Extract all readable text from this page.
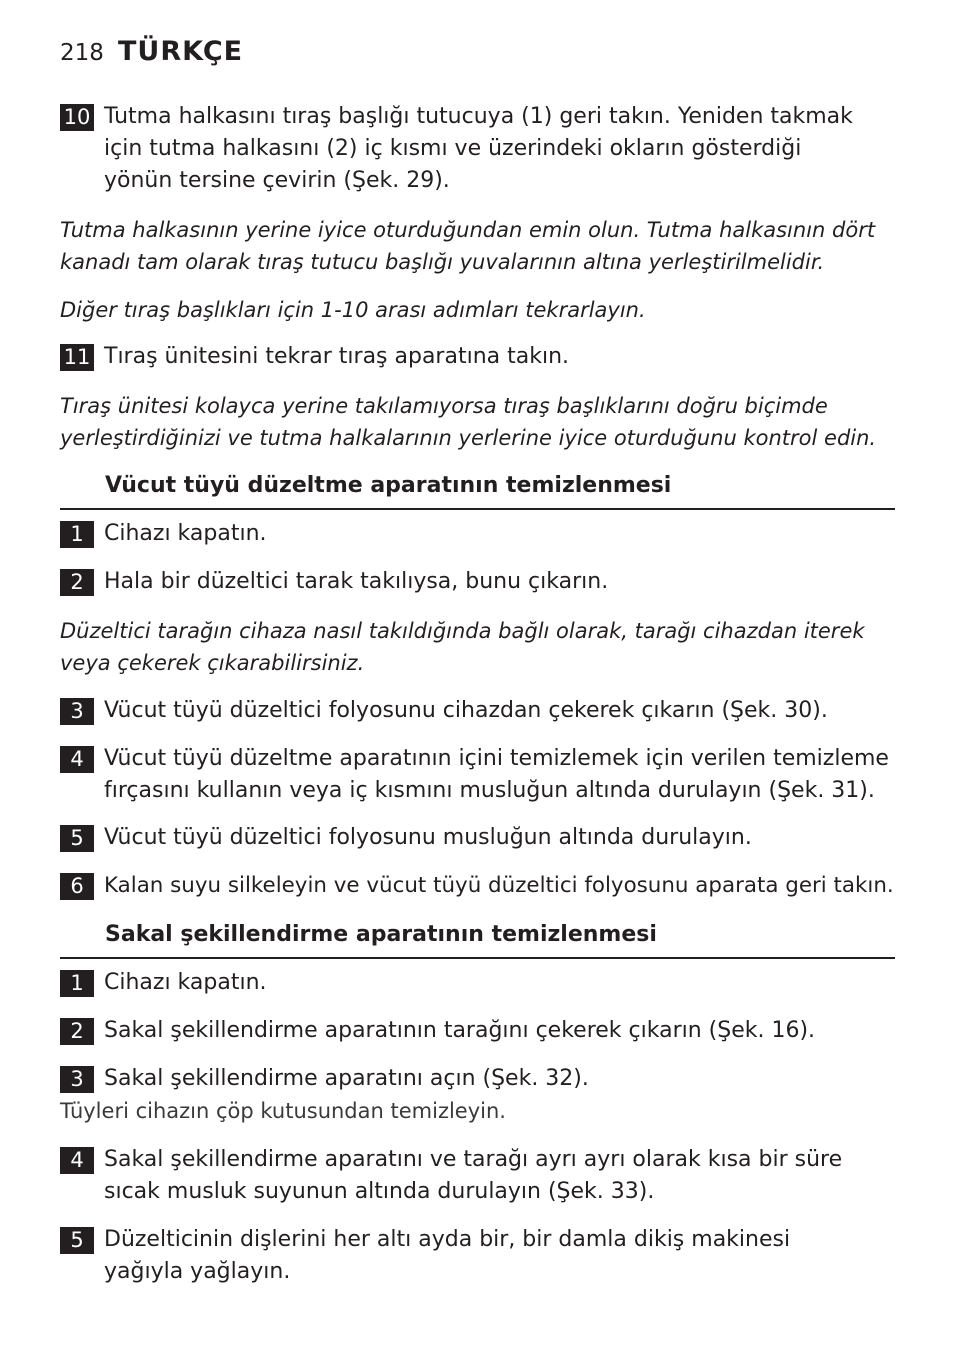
218 TÜRKÇE
10 Tutma halkasını tıraş başlığı tutucuya (1) geri takın. Yeniden takmak
için tutma halkasını (2) iç kısmı ve üzerindeki okların gösterdiği
yönün tersine çevirin (Şek. 29).
Tutma halkasının yerine iyice oturduğundan emin olun. Tutma halkasının dört
kanadı tam olarak tıraş tutucu başlığı yuvalarının altına yerleştirilmelidir.
Diğer tıraş başlıkları için 1-10 arası adımları tekrarlayın.
11 Tıraş ünitesini tekrar tıraş aparatına takın.
Tıraş ünitesi kolayca yerine takılamıyorsa tıraş başlıklarını doğru biçimde
yerleştirdiğinizi ve tutma halkalarının yerlerine iyice oturduğunu kontrol edin.
Vücut tüyü düzeltme aparatının temizlenmesi
1 Cihazı kapatın.
2 Hala bir düzeltici tarak takılıysa, bunu çıkarın.
Düzeltici tarağın cihaza nasıl takıldığında bağlı olarak, tarağı cihazdan iterek
veya çekerek çıkarabilirsiniz.
3 Vücut tüyü düzeltici folyosunu cihazdan çekerek çıkarın (Şek. 30).
4 Vücut tüyü düzeltme aparatının içini temizlemek için verilen temizleme
fırçasını kullanın veya iç kısmını musluğun altında durulayın (Şek. 31).
5 Vücut tüyü düzeltici folyosunu musluğun altında durulayın.
6 Kalan suyu silkeleyin ve vücut tüyü düzeltici folyosunu aparata geri takın.
Sakal şekillendirme aparatının temizlenmesi
1 Cihazı kapatın.
2 Sakal şekillendirme aparatının tarağını çekerek çıkarın (Şek. 16).
3 Sakal şekillendirme aparatını açın (Şek. 32).
Tüyleri cihazın çöp kutusundan temizleyin.
4 Sakal şekillendirme aparatını ve tarağı ayrı ayrı olarak kısa bir süre
sıcak musluk suyunun altında durulayın (Şek. 33).
5 Düzelticinin dişlerini her altı ayda bir, bir damla dikiş makinesi
yağıyla yağlayın.
